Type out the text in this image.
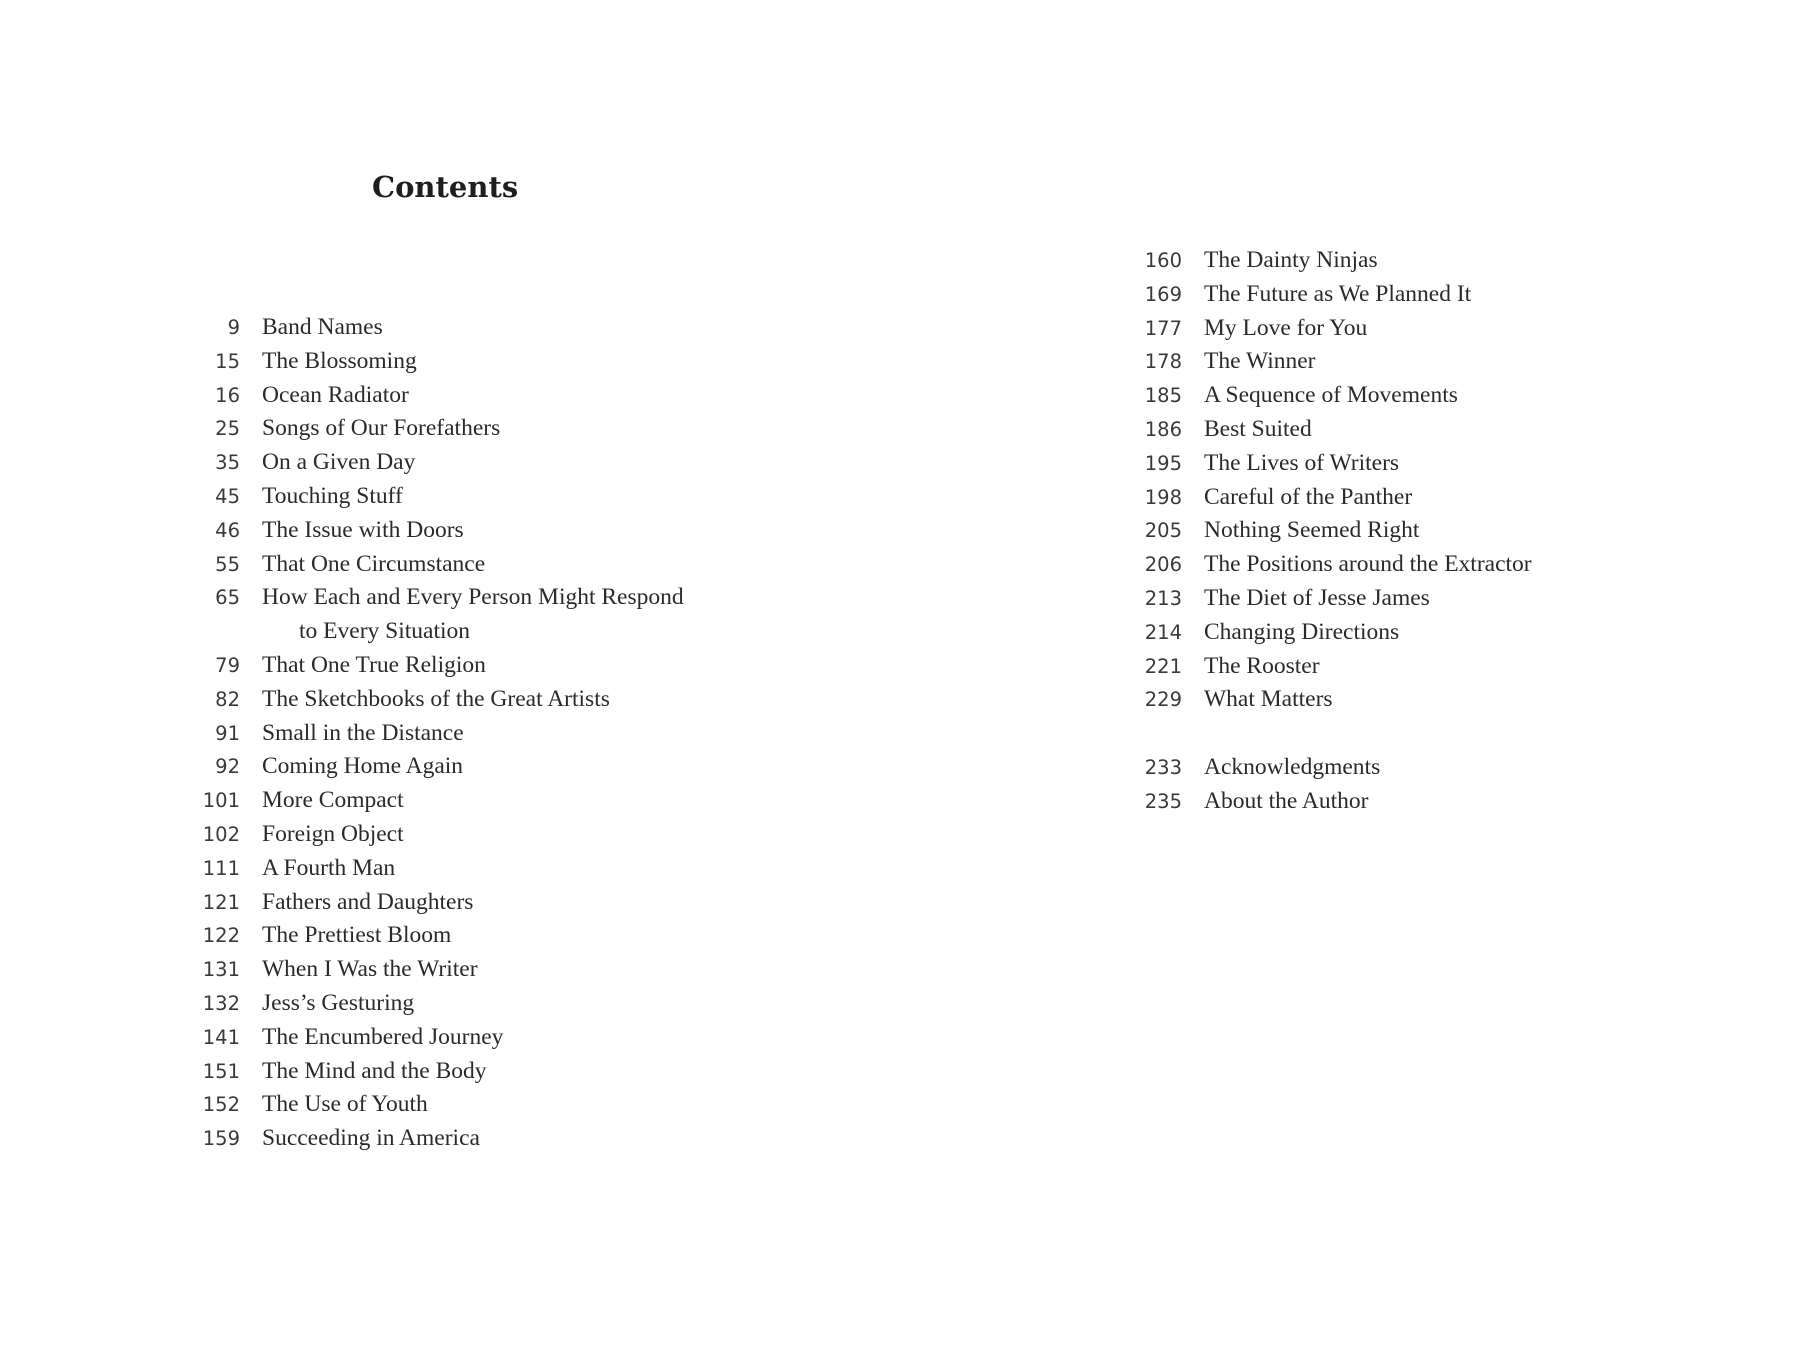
Contents
9 Band Names
15 The Blossoming
16 Ocean Radiator
25 Songs of Our Forefathers
35 On a Given Day
45 Touching Stuff
46 The Issue with Doors
55 That One Circumstance
65 How Each and Every Person Might Respond
to Every Situation
79 That One True Religion
82 The Sketchbooks of the Great Artists
91 Small in the Distance
92 Coming Home Again
101 More Compact
102 Foreign Object
111 A Fourth Man
121 Fathers and Daughters
122 The Prettiest Bloom
131 When I Was the Writer
132 Jess’s Gesturing
141 The Encumbered Journey
151 The Mind and the Body
152 The Use of Youth
159 Succeeding in America
160 The Dainty Ninjas
169 The Future as We Planned It
177 My Love for You
178 The Winner
185 A Sequence of Movements
186 Best Suited
195 The Lives of Writers
198 Careful of the Panther
205 Nothing Seemed Right
206 The Positions around the Extractor
213 The Diet of Jesse James
214 Changing Directions
221 The Rooster
229 What Matters
233 Acknowledgments
235 About the Author
